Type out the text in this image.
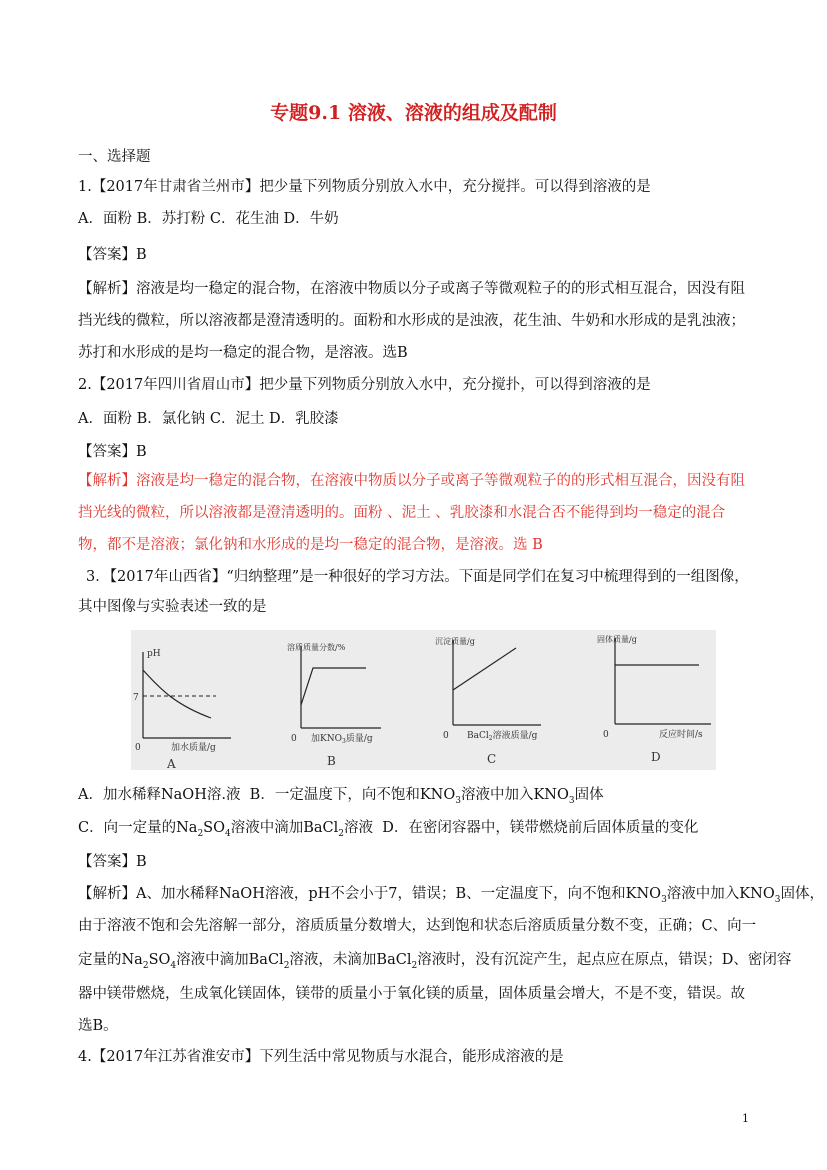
专题9.1 溶液、溶液的组成及配制
一、选择题
1.【2017年甘肃省兰州市】把少量下列物质分别放入水中，充分搅拌。可以得到溶液的是
A．面粉 B．苏打粉 C．花生油 D．牛奶
【答案】B
【解析】溶液是均一稳定的混合物，在溶液中物质以分子或离子等微观粒子的的形式相互混合，因没有阻
挡光线的微粒，所以溶液都是澄清透明的。面粉和水形成的是浊液，花生油、牛奶和水形成的是乳浊液；
苏打和水形成的是均一稳定的混合物，是溶液。选B
2.【2017年四川省眉山市】把少量下列物质分别放入水中，充分搅扑，可以得到溶液的是
A．面粉 B．氯化钠 C．泥土 D．乳胶漆
【答案】B
【解析】溶液是均一稳定的混合物，在溶液中物质以分子或离子等微观粒子的的形式相互混合，因没有阻
挡光线的微粒，所以溶液都是澄清透明的。面粉 、泥土 、乳胶漆和水混合否不能得到均一稳定的混合
物，都不是溶液；氯化钠和水形成的是均一稳定的混合物，是溶液。选 B
3．【2017年山西省】“归纳整理”是一种很好的学习方法。下面是同学们在复习中梳理得到的一组图像，
其中图像与实验表述一致的是
pH
7
0	加水质量/g
A
溶质质量分数/%
0 加$KNO_3$质量/g
B
沉淀质量/g
0 BaCl$_2$溶液质量/g
C
固体质量/g
0	反应时间/s
D
A．加水稀释NaOH溶.液 B．一定温度下，向不饱和$KNO_3$溶液中加入$KNO_3$固体
C．向一定量的$Na_2SO_4$溶液中滴加BaCl$_2$溶液 D．在密闭容器中，镁带燃烧前后固体质量的变化
【答案】B
【解析】A、加水稀释NaOH溶液，pH不会小于7，错误；B、一定温度下，向不饱和$KNO_3$溶液中加入$KNO_3$固体，
由于溶液不饱和会先溶解一部分，溶质质量分数增大，达到饱和状态后溶质质量分数不变，正确；C、向一
定量的$Na_2SO_4$溶液中滴加BaCl$_2$溶液，未滴加BaCl$_2$溶液时，没有沉淀产生，起点应在原点，错误；D、密闭容
器中镁带燃烧，生成氧化镁固体，镁带的质量小于氧化镁的质量，固体质量会增大，不是不变，错误。故
选B。
4.【2017年江苏省淮安市】下列生活中常见物质与水混合，能形成溶液的是
1
